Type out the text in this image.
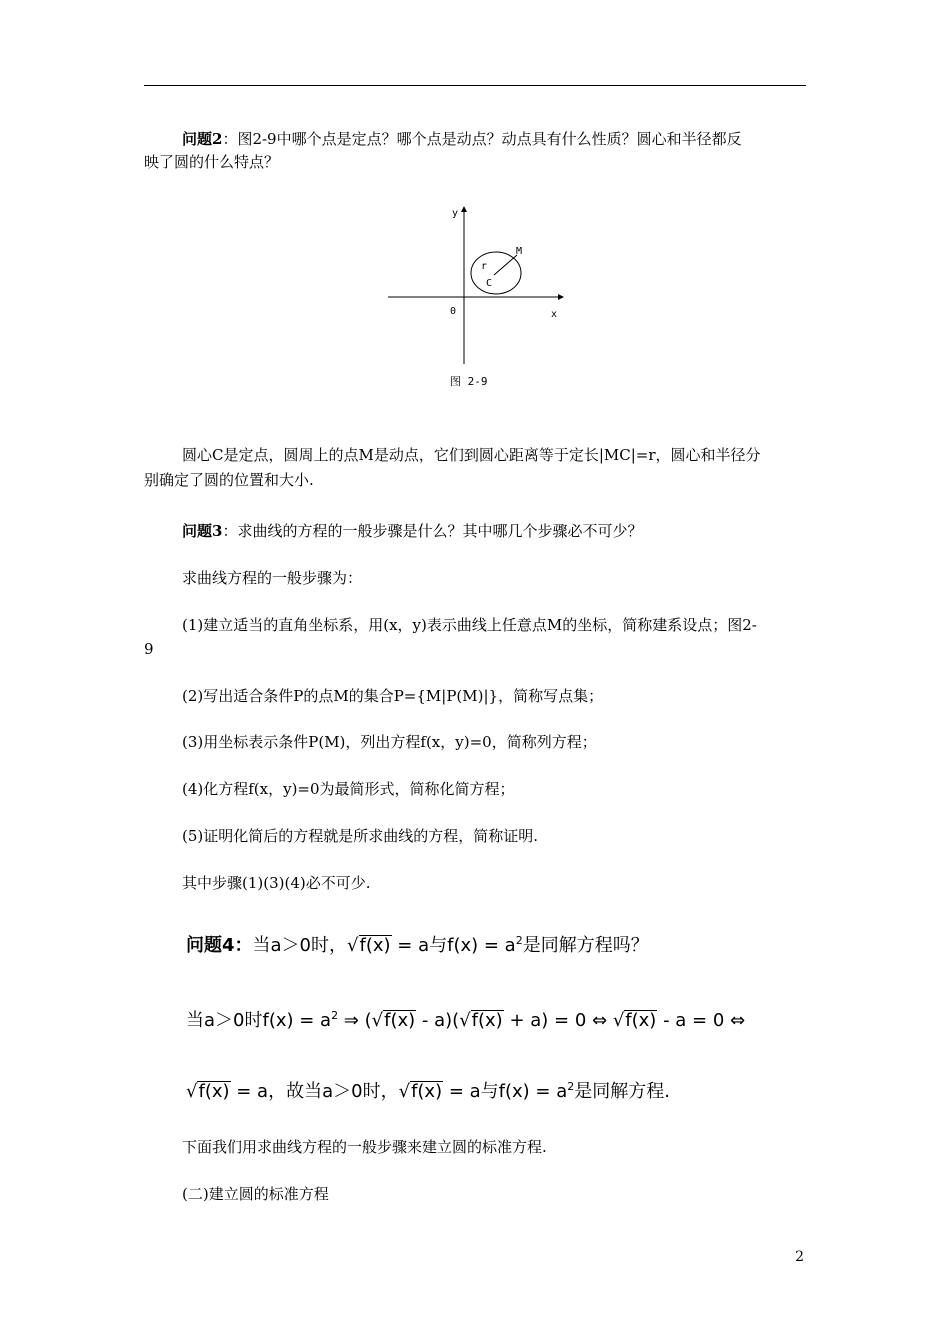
问题2：图2-9中哪个点是定点？哪个点是动点？动点具有什么性质？圆心和半径都反
映了圆的什么特点？
y
x
0
r
C
M
图 2-9
圆心C是定点，圆周上的点M是动点，它们到圆心距离等于定长|MC|=r，圆心和半径分
别确定了圆的位置和大小.
问题3：求曲线的方程的一般步骤是什么？其中哪几个步骤必不可少？
求曲线方程的一般步骤为：
(1)建立适当的直角坐标系，用(x，y)表示曲线上任意点M的坐标，简称建系设点；图2-
9
(2)写出适合条件P的点M的集合P={M|P(M)|}，简称写点集；
(3)用坐标表示条件P(M)，列出方程f(x，y)=0，简称列方程；
(4)化方程f(x，y)=0为最简形式，简称化简方程；
(5)证明化简后的方程就是所求曲线的方程，简称证明.
其中步骤(1)(3)(4)必不可少.
问题4：当a＞0时，√f(x) = a与$f(x) = a^2$是同解方程吗？
当a＞0时$f(x) = a^2$ ⇒ (√f(x) - a)(√f(x) + a) = 0 ⇔ √f(x) - a = 0 ⇔
√f(x) = a，故当a＞0时，√f(x) = a与$f(x) = a^2$是同解方程.
下面我们用求曲线方程的一般步骤来建立圆的标准方程.
(二)建立圆的标准方程
2
